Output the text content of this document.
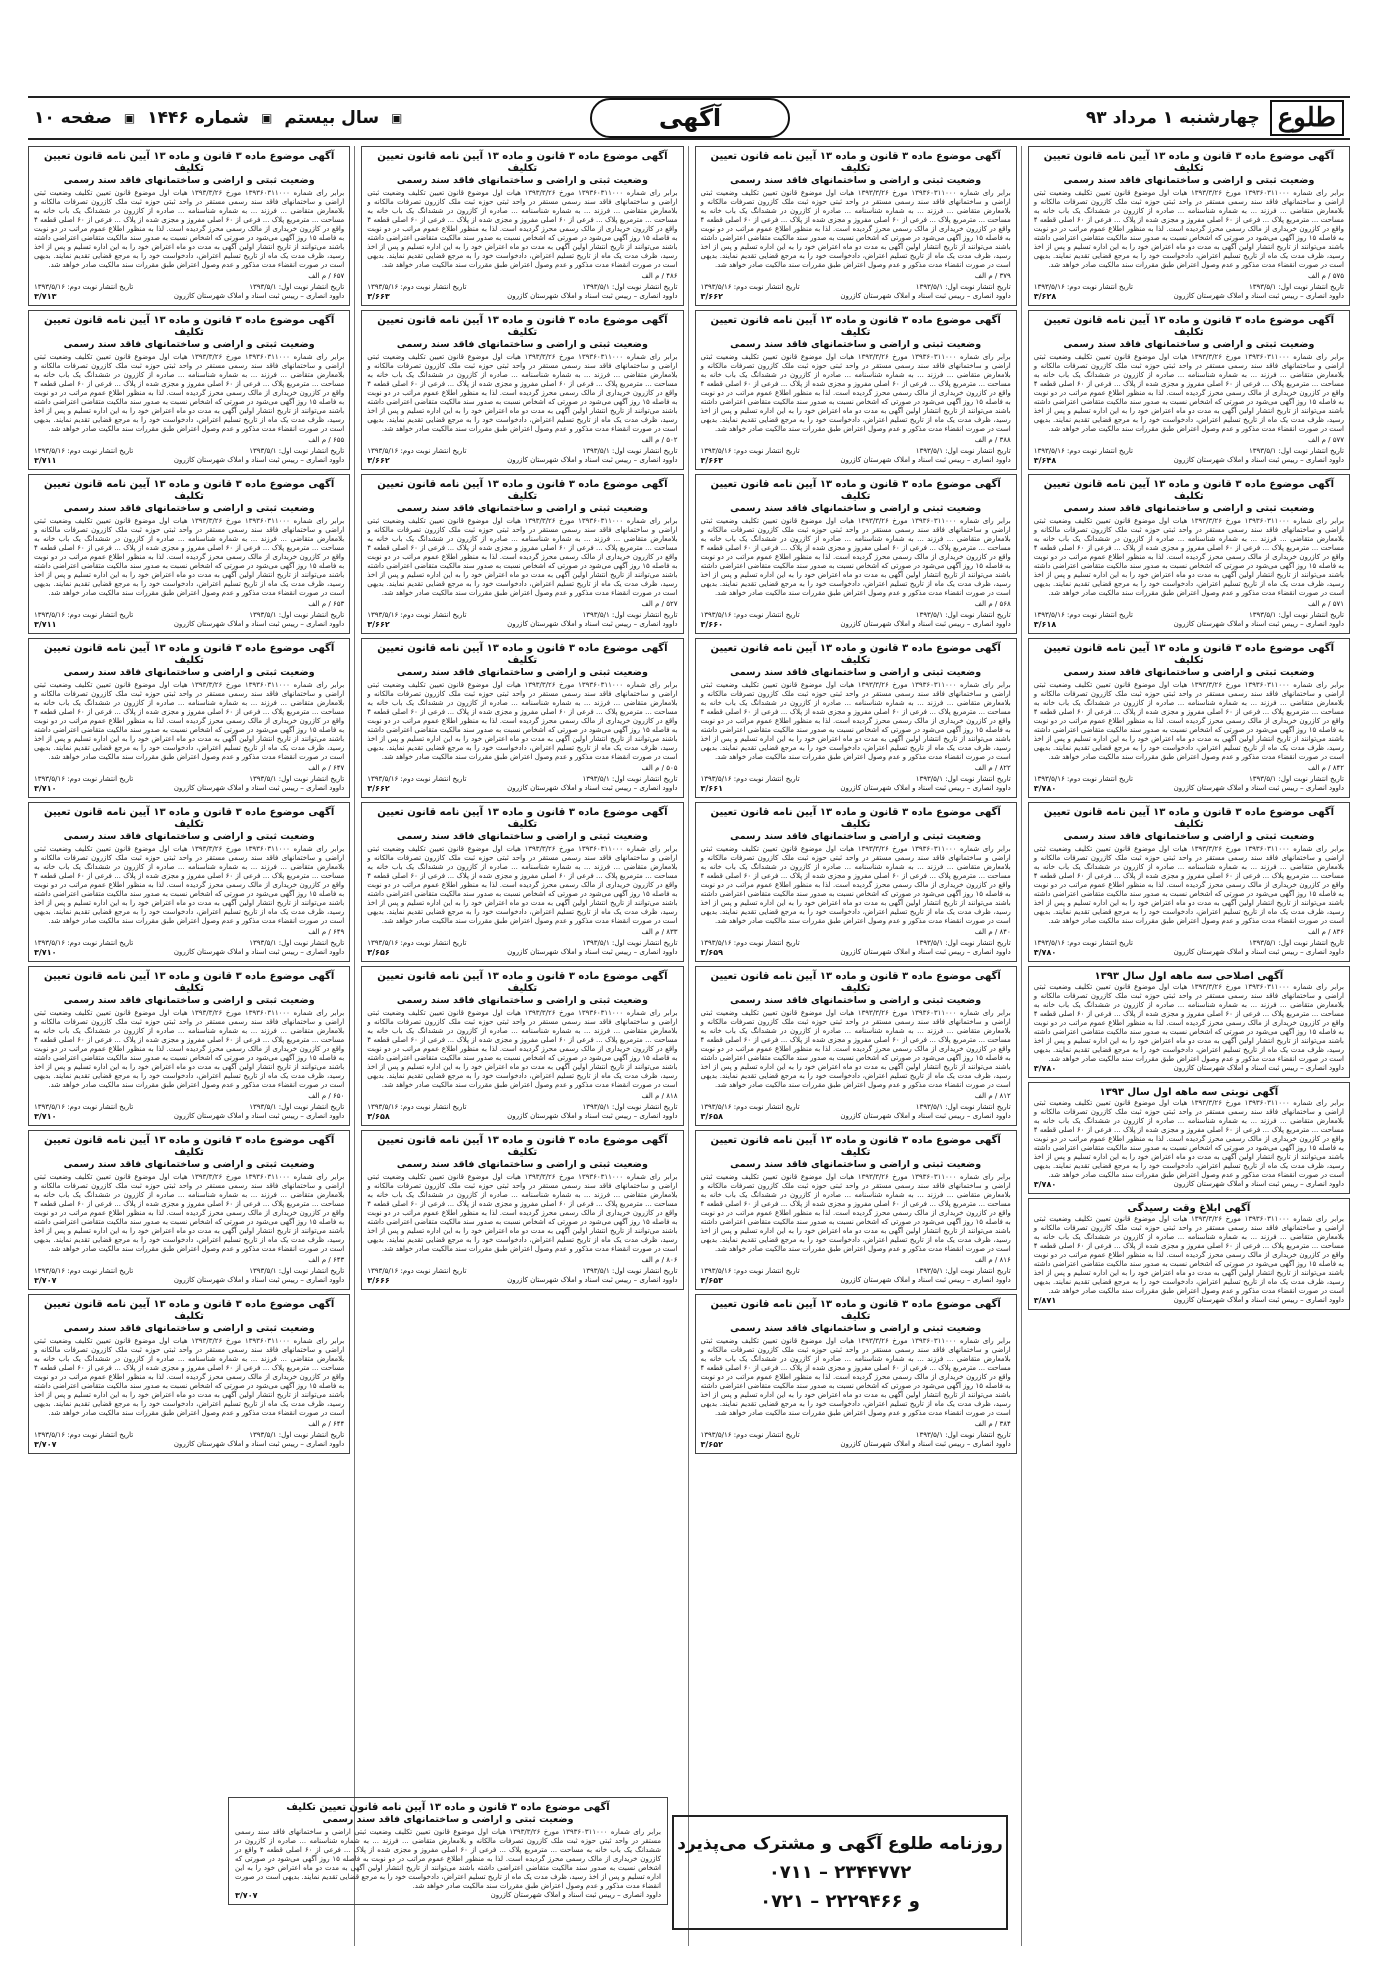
طلوع
چهارشنبه ۱ مرداد ۹۳
▣
سال بیستم
▣
شماره ۱۴۴۶
▣
صفحه ۱۰	آگهی
آگهی موضوع ماده ۳ قانون و ماده ۱۳ آیین نامه قانون تعیین تکلیف
وضعیت ثبتی و اراضی و ساختمانهای فاقد سند رسمی
برابر رای شماره ۱۳۹۳۶۰۳۱۱۰۰۰ مورخ ۱۳۹۳/۳/۲۶ هیات اول موضوع قانون تعیین تکلیف وضعیت ثبتی اراضی و ساختمانهای فاقد سند رسمی مستقر در واحد ثبتی حوزه ثبت ملک کازرون تصرفات مالکانه و بلامعارض متقاضی ... فرزند ... به شماره شناسنامه ... صادره از کازرون در ششدانگ یک باب خانه به مساحت ... مترمربع پلاک ... فرعی از ۶۰ اصلی مفروز و مجزی شده از پلاک ... فرعی از ۶۰ اصلی قطعه ۴ واقع در کازرون خریداری از مالک رسمی محرز گردیده است. لذا به منظور اطلاع عموم مراتب در دو نوبت به فاصله ۱۵ روز آگهی می‌شود در صورتی که اشخاص نسبت به صدور سند مالکیت متقاضی اعتراضی داشته باشند می‌توانند از تاریخ انتشار اولین آگهی به مدت دو ماه اعتراض خود را به این اداره تسلیم و پس از اخذ رسید، ظرف مدت یک ماه از تاریخ تسلیم اعتراض، دادخواست خود را به مرجع قضایی تقدیم نمایند. بدیهی است در صورت انقضاء مدت مذکور و عدم وصول اعتراض طبق مقررات سند مالکیت صادر خواهد شد.
۵۷۵ / م الف
تاریخ انتشار نوبت اول: ۱۳۹۳/۵/۱
تاریخ انتشار نوبت دوم: ۱۳۹۳/۵/۱۶
داوود انصاری – رییس ثبت اسناد و املاک شهرستان کازرون
۳/۶۲۸
آگهی موضوع ماده ۳ قانون و ماده ۱۳ آیین نامه قانون تعیین تکلیف
وضعیت ثبتی و اراضی و ساختمانهای فاقد سند رسمی
برابر رای شماره ۱۳۹۳۶۰۳۱۱۰۰۰ مورخ ۱۳۹۳/۳/۲۶ هیات اول موضوع قانون تعیین تکلیف وضعیت ثبتی اراضی و ساختمانهای فاقد سند رسمی مستقر در واحد ثبتی حوزه ثبت ملک کازرون تصرفات مالکانه و بلامعارض متقاضی ... فرزند ... به شماره شناسنامه ... صادره از کازرون در ششدانگ یک باب خانه به مساحت ... مترمربع پلاک ... فرعی از ۶۰ اصلی مفروز و مجزی شده از پلاک ... فرعی از ۶۰ اصلی قطعه ۴ واقع در کازرون خریداری از مالک رسمی محرز گردیده است. لذا به منظور اطلاع عموم مراتب در دو نوبت به فاصله ۱۵ روز آگهی می‌شود در صورتی که اشخاص نسبت به صدور سند مالکیت متقاضی اعتراضی داشته باشند می‌توانند از تاریخ انتشار اولین آگهی به مدت دو ماه اعتراض خود را به این اداره تسلیم و پس از اخذ رسید، ظرف مدت یک ماه از تاریخ تسلیم اعتراض، دادخواست خود را به مرجع قضایی تقدیم نمایند. بدیهی است در صورت انقضاء مدت مذکور و عدم وصول اعتراض طبق مقررات سند مالکیت صادر خواهد شد.
۵۷۷ / م الف
تاریخ انتشار نوبت اول: ۱۳۹۳/۵/۱
تاریخ انتشار نوبت دوم: ۱۳۹۳/۵/۱۶
داوود انصاری – رییس ثبت اسناد و املاک شهرستان کازرون
۳/۶۴۸
آگهی موضوع ماده ۳ قانون و ماده ۱۳ آیین نامه قانون تعیین تکلیف
وضعیت ثبتی و اراضی و ساختمانهای فاقد سند رسمی
برابر رای شماره ۱۳۹۳۶۰۳۱۱۰۰۰ مورخ ۱۳۹۳/۳/۲۶ هیات اول موضوع قانون تعیین تکلیف وضعیت ثبتی اراضی و ساختمانهای فاقد سند رسمی مستقر در واحد ثبتی حوزه ثبت ملک کازرون تصرفات مالکانه و بلامعارض متقاضی ... فرزند ... به شماره شناسنامه ... صادره از کازرون در ششدانگ یک باب خانه به مساحت ... مترمربع پلاک ... فرعی از ۶۰ اصلی مفروز و مجزی شده از پلاک ... فرعی از ۶۰ اصلی قطعه ۴ واقع در کازرون خریداری از مالک رسمی محرز گردیده است. لذا به منظور اطلاع عموم مراتب در دو نوبت به فاصله ۱۵ روز آگهی می‌شود در صورتی که اشخاص نسبت به صدور سند مالکیت متقاضی اعتراضی داشته باشند می‌توانند از تاریخ انتشار اولین آگهی به مدت دو ماه اعتراض خود را به این اداره تسلیم و پس از اخذ رسید، ظرف مدت یک ماه از تاریخ تسلیم اعتراض، دادخواست خود را به مرجع قضایی تقدیم نمایند. بدیهی است در صورت انقضاء مدت مذکور و عدم وصول اعتراض طبق مقررات سند مالکیت صادر خواهد شد.
۵۷۱ / م الف
تاریخ انتشار نوبت اول: ۱۳۹۳/۵/۱
تاریخ انتشار نوبت دوم: ۱۳۹۳/۵/۱۶
داوود انصاری – رییس ثبت اسناد و املاک شهرستان کازرون
۳/۶۱۸
آگهی موضوع ماده ۳ قانون و ماده ۱۳ آیین نامه قانون تعیین تکلیف
وضعیت ثبتی و اراضی و ساختمانهای فاقد سند رسمی
برابر رای شماره ۱۳۹۳۶۰۳۱۱۰۰۰ مورخ ۱۳۹۳/۳/۲۶ هیات اول موضوع قانون تعیین تکلیف وضعیت ثبتی اراضی و ساختمانهای فاقد سند رسمی مستقر در واحد ثبتی حوزه ثبت ملک کازرون تصرفات مالکانه و بلامعارض متقاضی ... فرزند ... به شماره شناسنامه ... صادره از کازرون در ششدانگ یک باب خانه به مساحت ... مترمربع پلاک ... فرعی از ۶۰ اصلی مفروز و مجزی شده از پلاک ... فرعی از ۶۰ اصلی قطعه ۴ واقع در کازرون خریداری از مالک رسمی محرز گردیده است. لذا به منظور اطلاع عموم مراتب در دو نوبت به فاصله ۱۵ روز آگهی می‌شود در صورتی که اشخاص نسبت به صدور سند مالکیت متقاضی اعتراضی داشته باشند می‌توانند از تاریخ انتشار اولین آگهی به مدت دو ماه اعتراض خود را به این اداره تسلیم و پس از اخذ رسید، ظرف مدت یک ماه از تاریخ تسلیم اعتراض، دادخواست خود را به مرجع قضایی تقدیم نمایند. بدیهی است در صورت انقضاء مدت مذکور و عدم وصول اعتراض طبق مقررات سند مالکیت صادر خواهد شد.
۸۴۲ / م الف
تاریخ انتشار نوبت اول: ۱۳۹۳/۵/۱
تاریخ انتشار نوبت دوم: ۱۳۹۳/۵/۱۶
داوود انصاری – رییس ثبت اسناد و املاک شهرستان کازرون
۳/۷۸۰
آگهی موضوع ماده ۳ قانون و ماده ۱۳ آیین نامه قانون تعیین تکلیف
وضعیت ثبتی و اراضی و ساختمانهای فاقد سند رسمی
برابر رای شماره ۱۳۹۳۶۰۳۱۱۰۰۰ مورخ ۱۳۹۳/۳/۲۶ هیات اول موضوع قانون تعیین تکلیف وضعیت ثبتی اراضی و ساختمانهای فاقد سند رسمی مستقر در واحد ثبتی حوزه ثبت ملک کازرون تصرفات مالکانه و بلامعارض متقاضی ... فرزند ... به شماره شناسنامه ... صادره از کازرون در ششدانگ یک باب خانه به مساحت ... مترمربع پلاک ... فرعی از ۶۰ اصلی مفروز و مجزی شده از پلاک ... فرعی از ۶۰ اصلی قطعه ۴ واقع در کازرون خریداری از مالک رسمی محرز گردیده است. لذا به منظور اطلاع عموم مراتب در دو نوبت به فاصله ۱۵ روز آگهی می‌شود در صورتی که اشخاص نسبت به صدور سند مالکیت متقاضی اعتراضی داشته باشند می‌توانند از تاریخ انتشار اولین آگهی به مدت دو ماه اعتراض خود را به این اداره تسلیم و پس از اخذ رسید، ظرف مدت یک ماه از تاریخ تسلیم اعتراض، دادخواست خود را به مرجع قضایی تقدیم نمایند. بدیهی است در صورت انقضاء مدت مذکور و عدم وصول اعتراض طبق مقررات سند مالکیت صادر خواهد شد.
۸۳۶ / م الف
تاریخ انتشار نوبت اول: ۱۳۹۳/۵/۱
تاریخ انتشار نوبت دوم: ۱۳۹۳/۵/۱۶
داوود انصاری – رییس ثبت اسناد و املاک شهرستان کازرون
۳/۷۸۰
آگهی اصلاحی سه ماهه اول سال ۱۳۹۳
برابر رای شماره ۱۳۹۳۶۰۳۱۱۰۰۰ مورخ ۱۳۹۳/۳/۲۶ هیات اول موضوع قانون تعیین تکلیف وضعیت ثبتی اراضی و ساختمانهای فاقد سند رسمی مستقر در واحد ثبتی حوزه ثبت ملک کازرون تصرفات مالکانه و بلامعارض متقاضی ... فرزند ... به شماره شناسنامه ... صادره از کازرون در ششدانگ یک باب خانه به مساحت ... مترمربع پلاک ... فرعی از ۶۰ اصلی مفروز و مجزی شده از پلاک ... فرعی از ۶۰ اصلی قطعه ۴ واقع در کازرون خریداری از مالک رسمی محرز گردیده است. لذا به منظور اطلاع عموم مراتب در دو نوبت به فاصله ۱۵ روز آگهی می‌شود در صورتی که اشخاص نسبت به صدور سند مالکیت متقاضی اعتراضی داشته باشند می‌توانند از تاریخ انتشار اولین آگهی به مدت دو ماه اعتراض خود را به این اداره تسلیم و پس از اخذ رسید، ظرف مدت یک ماه از تاریخ تسلیم اعتراض، دادخواست خود را به مرجع قضایی تقدیم نمایند. بدیهی است در صورت انقضاء مدت مذکور و عدم وصول اعتراض طبق مقررات سند مالکیت صادر خواهد شد.
داوود انصاری – رییس ثبت اسناد و املاک شهرستان کازرون
۳/۷۸۰
آگهی نوبتی سه ماهه اول سال ۱۳۹۳
برابر رای شماره ۱۳۹۳۶۰۳۱۱۰۰۰ مورخ ۱۳۹۳/۳/۲۶ هیات اول موضوع قانون تعیین تکلیف وضعیت ثبتی اراضی و ساختمانهای فاقد سند رسمی مستقر در واحد ثبتی حوزه ثبت ملک کازرون تصرفات مالکانه و بلامعارض متقاضی ... فرزند ... به شماره شناسنامه ... صادره از کازرون در ششدانگ یک باب خانه به مساحت ... مترمربع پلاک ... فرعی از ۶۰ اصلی مفروز و مجزی شده از پلاک ... فرعی از ۶۰ اصلی قطعه ۴ واقع در کازرون خریداری از مالک رسمی محرز گردیده است. لذا به منظور اطلاع عموم مراتب در دو نوبت به فاصله ۱۵ روز آگهی می‌شود در صورتی که اشخاص نسبت به صدور سند مالکیت متقاضی اعتراضی داشته باشند می‌توانند از تاریخ انتشار اولین آگهی به مدت دو ماه اعتراض خود را به این اداره تسلیم و پس از اخذ رسید، ظرف مدت یک ماه از تاریخ تسلیم اعتراض، دادخواست خود را به مرجع قضایی تقدیم نمایند. بدیهی است در صورت انقضاء مدت مذکور و عدم وصول اعتراض طبق مقررات سند مالکیت صادر خواهد شد.
داوود انصاری – رییس ثبت اسناد و املاک شهرستان کازرون
۳/۷۸۰
آگهی ابلاغ وقت رسیدگی
برابر رای شماره ۱۳۹۳۶۰۳۱۱۰۰۰ مورخ ۱۳۹۳/۳/۲۶ هیات اول موضوع قانون تعیین تکلیف وضعیت ثبتی اراضی و ساختمانهای فاقد سند رسمی مستقر در واحد ثبتی حوزه ثبت ملک کازرون تصرفات مالکانه و بلامعارض متقاضی ... فرزند ... به شماره شناسنامه ... صادره از کازرون در ششدانگ یک باب خانه به مساحت ... مترمربع پلاک ... فرعی از ۶۰ اصلی مفروز و مجزی شده از پلاک ... فرعی از ۶۰ اصلی قطعه ۴ واقع در کازرون خریداری از مالک رسمی محرز گردیده است. لذا به منظور اطلاع عموم مراتب در دو نوبت به فاصله ۱۵ روز آگهی می‌شود در صورتی که اشخاص نسبت به صدور سند مالکیت متقاضی اعتراضی داشته باشند می‌توانند از تاریخ انتشار اولین آگهی به مدت دو ماه اعتراض خود را به این اداره تسلیم و پس از اخذ رسید، ظرف مدت یک ماه از تاریخ تسلیم اعتراض، دادخواست خود را به مرجع قضایی تقدیم نمایند. بدیهی است در صورت انقضاء مدت مذکور و عدم وصول اعتراض طبق مقررات سند مالکیت صادر خواهد شد.
داوود انصاری – رییس ثبت اسناد و املاک شهرستان کازرون
۳/۸۷۱
آگهی موضوع ماده ۳ قانون و ماده ۱۳ آیین نامه قانون تعیین تکلیف
وضعیت ثبتی و اراضی و ساختمانهای فاقد سند رسمی
برابر رای شماره ۱۳۹۳۶۰۳۱۱۰۰۰ مورخ ۱۳۹۳/۳/۲۶ هیات اول موضوع قانون تعیین تکلیف وضعیت ثبتی اراضی و ساختمانهای فاقد سند رسمی مستقر در واحد ثبتی حوزه ثبت ملک کازرون تصرفات مالکانه و بلامعارض متقاضی ... فرزند ... به شماره شناسنامه ... صادره از کازرون در ششدانگ یک باب خانه به مساحت ... مترمربع پلاک ... فرعی از ۶۰ اصلی مفروز و مجزی شده از پلاک ... فرعی از ۶۰ اصلی قطعه ۴ واقع در کازرون خریداری از مالک رسمی محرز گردیده است. لذا به منظور اطلاع عموم مراتب در دو نوبت به فاصله ۱۵ روز آگهی می‌شود در صورتی که اشخاص نسبت به صدور سند مالکیت متقاضی اعتراضی داشته باشند می‌توانند از تاریخ انتشار اولین آگهی به مدت دو ماه اعتراض خود را به این اداره تسلیم و پس از اخذ رسید، ظرف مدت یک ماه از تاریخ تسلیم اعتراض، دادخواست خود را به مرجع قضایی تقدیم نمایند. بدیهی است در صورت انقضاء مدت مذکور و عدم وصول اعتراض طبق مقررات سند مالکیت صادر خواهد شد.
۳۷۹ / م الف
تاریخ انتشار نوبت اول: ۱۳۹۳/۵/۱
تاریخ انتشار نوبت دوم: ۱۳۹۳/۵/۱۶
داوود انصاری – رییس ثبت اسناد و املاک شهرستان کازرون
۳/۶۶۲
آگهی موضوع ماده ۳ قانون و ماده ۱۳ آیین نامه قانون تعیین تکلیف
وضعیت ثبتی و اراضی و ساختمانهای فاقد سند رسمی
برابر رای شماره ۱۳۹۳۶۰۳۱۱۰۰۰ مورخ ۱۳۹۳/۳/۲۶ هیات اول موضوع قانون تعیین تکلیف وضعیت ثبتی اراضی و ساختمانهای فاقد سند رسمی مستقر در واحد ثبتی حوزه ثبت ملک کازرون تصرفات مالکانه و بلامعارض متقاضی ... فرزند ... به شماره شناسنامه ... صادره از کازرون در ششدانگ یک باب خانه به مساحت ... مترمربع پلاک ... فرعی از ۶۰ اصلی مفروز و مجزی شده از پلاک ... فرعی از ۶۰ اصلی قطعه ۴ واقع در کازرون خریداری از مالک رسمی محرز گردیده است. لذا به منظور اطلاع عموم مراتب در دو نوبت به فاصله ۱۵ روز آگهی می‌شود در صورتی که اشخاص نسبت به صدور سند مالکیت متقاضی اعتراضی داشته باشند می‌توانند از تاریخ انتشار اولین آگهی به مدت دو ماه اعتراض خود را به این اداره تسلیم و پس از اخذ رسید، ظرف مدت یک ماه از تاریخ تسلیم اعتراض، دادخواست خود را به مرجع قضایی تقدیم نمایند. بدیهی است در صورت انقضاء مدت مذکور و عدم وصول اعتراض طبق مقررات سند مالکیت صادر خواهد شد.
۳۸۸ / م الف
تاریخ انتشار نوبت اول: ۱۳۹۳/۵/۱
تاریخ انتشار نوبت دوم: ۱۳۹۳/۵/۱۶
داوود انصاری – رییس ثبت اسناد و املاک شهرستان کازرون
۳/۶۶۳
آگهی موضوع ماده ۳ قانون و ماده ۱۳ آیین نامه قانون تعیین تکلیف
وضعیت ثبتی و اراضی و ساختمانهای فاقد سند رسمی
برابر رای شماره ۱۳۹۳۶۰۳۱۱۰۰۰ مورخ ۱۳۹۳/۳/۲۶ هیات اول موضوع قانون تعیین تکلیف وضعیت ثبتی اراضی و ساختمانهای فاقد سند رسمی مستقر در واحد ثبتی حوزه ثبت ملک کازرون تصرفات مالکانه و بلامعارض متقاضی ... فرزند ... به شماره شناسنامه ... صادره از کازرون در ششدانگ یک باب خانه به مساحت ... مترمربع پلاک ... فرعی از ۶۰ اصلی مفروز و مجزی شده از پلاک ... فرعی از ۶۰ اصلی قطعه ۴ واقع در کازرون خریداری از مالک رسمی محرز گردیده است. لذا به منظور اطلاع عموم مراتب در دو نوبت به فاصله ۱۵ روز آگهی می‌شود در صورتی که اشخاص نسبت به صدور سند مالکیت متقاضی اعتراضی داشته باشند می‌توانند از تاریخ انتشار اولین آگهی به مدت دو ماه اعتراض خود را به این اداره تسلیم و پس از اخذ رسید، ظرف مدت یک ماه از تاریخ تسلیم اعتراض، دادخواست خود را به مرجع قضایی تقدیم نمایند. بدیهی است در صورت انقضاء مدت مذکور و عدم وصول اعتراض طبق مقررات سند مالکیت صادر خواهد شد.
۵۶۸ / م الف
تاریخ انتشار نوبت اول: ۱۳۹۳/۵/۱
تاریخ انتشار نوبت دوم: ۱۳۹۳/۵/۱۶
داوود انصاری – رییس ثبت اسناد و املاک شهرستان کازرون
۳/۶۶۰
آگهی موضوع ماده ۳ قانون و ماده ۱۳ آیین نامه قانون تعیین تکلیف
وضعیت ثبتی و اراضی و ساختمانهای فاقد سند رسمی
برابر رای شماره ۱۳۹۳۶۰۳۱۱۰۰۰ مورخ ۱۳۹۳/۳/۲۶ هیات اول موضوع قانون تعیین تکلیف وضعیت ثبتی اراضی و ساختمانهای فاقد سند رسمی مستقر در واحد ثبتی حوزه ثبت ملک کازرون تصرفات مالکانه و بلامعارض متقاضی ... فرزند ... به شماره شناسنامه ... صادره از کازرون در ششدانگ یک باب خانه به مساحت ... مترمربع پلاک ... فرعی از ۶۰ اصلی مفروز و مجزی شده از پلاک ... فرعی از ۶۰ اصلی قطعه ۴ واقع در کازرون خریداری از مالک رسمی محرز گردیده است. لذا به منظور اطلاع عموم مراتب در دو نوبت به فاصله ۱۵ روز آگهی می‌شود در صورتی که اشخاص نسبت به صدور سند مالکیت متقاضی اعتراضی داشته باشند می‌توانند از تاریخ انتشار اولین آگهی به مدت دو ماه اعتراض خود را به این اداره تسلیم و پس از اخذ رسید، ظرف مدت یک ماه از تاریخ تسلیم اعتراض، دادخواست خود را به مرجع قضایی تقدیم نمایند. بدیهی است در صورت انقضاء مدت مذکور و عدم وصول اعتراض طبق مقررات سند مالکیت صادر خواهد شد.
۸۲۲ / م الف
تاریخ انتشار نوبت اول: ۱۳۹۳/۵/۱
تاریخ انتشار نوبت دوم: ۱۳۹۳/۵/۱۶
داوود انصاری – رییس ثبت اسناد و املاک شهرستان کازرون
۳/۶۶۱
آگهی موضوع ماده ۳ قانون و ماده ۱۳ آیین نامه قانون تعیین تکلیف
وضعیت ثبتی و اراضی و ساختمانهای فاقد سند رسمی
برابر رای شماره ۱۳۹۳۶۰۳۱۱۰۰۰ مورخ ۱۳۹۳/۳/۲۶ هیات اول موضوع قانون تعیین تکلیف وضعیت ثبتی اراضی و ساختمانهای فاقد سند رسمی مستقر در واحد ثبتی حوزه ثبت ملک کازرون تصرفات مالکانه و بلامعارض متقاضی ... فرزند ... به شماره شناسنامه ... صادره از کازرون در ششدانگ یک باب خانه به مساحت ... مترمربع پلاک ... فرعی از ۶۰ اصلی مفروز و مجزی شده از پلاک ... فرعی از ۶۰ اصلی قطعه ۴ واقع در کازرون خریداری از مالک رسمی محرز گردیده است. لذا به منظور اطلاع عموم مراتب در دو نوبت به فاصله ۱۵ روز آگهی می‌شود در صورتی که اشخاص نسبت به صدور سند مالکیت متقاضی اعتراضی داشته باشند می‌توانند از تاریخ انتشار اولین آگهی به مدت دو ماه اعتراض خود را به این اداره تسلیم و پس از اخذ رسید، ظرف مدت یک ماه از تاریخ تسلیم اعتراض، دادخواست خود را به مرجع قضایی تقدیم نمایند. بدیهی است در صورت انقضاء مدت مذکور و عدم وصول اعتراض طبق مقررات سند مالکیت صادر خواهد شد.
۸۴۰ / م الف
تاریخ انتشار نوبت اول: ۱۳۹۳/۵/۱
تاریخ انتشار نوبت دوم: ۱۳۹۳/۵/۱۶
داوود انصاری – رییس ثبت اسناد و املاک شهرستان کازرون
۳/۶۵۹
آگهی موضوع ماده ۳ قانون و ماده ۱۳ آیین نامه قانون تعیین تکلیف
وضعیت ثبتی و اراضی و ساختمانهای فاقد سند رسمی
برابر رای شماره ۱۳۹۳۶۰۳۱۱۰۰۰ مورخ ۱۳۹۳/۳/۲۶ هیات اول موضوع قانون تعیین تکلیف وضعیت ثبتی اراضی و ساختمانهای فاقد سند رسمی مستقر در واحد ثبتی حوزه ثبت ملک کازرون تصرفات مالکانه و بلامعارض متقاضی ... فرزند ... به شماره شناسنامه ... صادره از کازرون در ششدانگ یک باب خانه به مساحت ... مترمربع پلاک ... فرعی از ۶۰ اصلی مفروز و مجزی شده از پلاک ... فرعی از ۶۰ اصلی قطعه ۴ واقع در کازرون خریداری از مالک رسمی محرز گردیده است. لذا به منظور اطلاع عموم مراتب در دو نوبت به فاصله ۱۵ روز آگهی می‌شود در صورتی که اشخاص نسبت به صدور سند مالکیت متقاضی اعتراضی داشته باشند می‌توانند از تاریخ انتشار اولین آگهی به مدت دو ماه اعتراض خود را به این اداره تسلیم و پس از اخذ رسید، ظرف مدت یک ماه از تاریخ تسلیم اعتراض، دادخواست خود را به مرجع قضایی تقدیم نمایند. بدیهی است در صورت انقضاء مدت مذکور و عدم وصول اعتراض طبق مقررات سند مالکیت صادر خواهد شد.
۸۱۲ / م الف
تاریخ انتشار نوبت اول: ۱۳۹۳/۵/۱
تاریخ انتشار نوبت دوم: ۱۳۹۳/۵/۱۶
داوود انصاری – رییس ثبت اسناد و املاک شهرستان کازرون
۳/۶۵۸
آگهی موضوع ماده ۳ قانون و ماده ۱۳ آیین نامه قانون تعیین تکلیف
وضعیت ثبتی و اراضی و ساختمانهای فاقد سند رسمی
برابر رای شماره ۱۳۹۳۶۰۳۱۱۰۰۰ مورخ ۱۳۹۳/۳/۲۶ هیات اول موضوع قانون تعیین تکلیف وضعیت ثبتی اراضی و ساختمانهای فاقد سند رسمی مستقر در واحد ثبتی حوزه ثبت ملک کازرون تصرفات مالکانه و بلامعارض متقاضی ... فرزند ... به شماره شناسنامه ... صادره از کازرون در ششدانگ یک باب خانه به مساحت ... مترمربع پلاک ... فرعی از ۶۰ اصلی مفروز و مجزی شده از پلاک ... فرعی از ۶۰ اصلی قطعه ۴ واقع در کازرون خریداری از مالک رسمی محرز گردیده است. لذا به منظور اطلاع عموم مراتب در دو نوبت به فاصله ۱۵ روز آگهی می‌شود در صورتی که اشخاص نسبت به صدور سند مالکیت متقاضی اعتراضی داشته باشند می‌توانند از تاریخ انتشار اولین آگهی به مدت دو ماه اعتراض خود را به این اداره تسلیم و پس از اخذ رسید، ظرف مدت یک ماه از تاریخ تسلیم اعتراض، دادخواست خود را به مرجع قضایی تقدیم نمایند. بدیهی است در صورت انقضاء مدت مذکور و عدم وصول اعتراض طبق مقررات سند مالکیت صادر خواهد شد.
۸۱۶ / م الف
تاریخ انتشار نوبت اول: ۱۳۹۳/۵/۱
تاریخ انتشار نوبت دوم: ۱۳۹۳/۵/۱۶
داوود انصاری – رییس ثبت اسناد و املاک شهرستان کازرون
۳/۶۵۳
آگهی موضوع ماده ۳ قانون و ماده ۱۳ آیین نامه قانون تعیین تکلیف
وضعیت ثبتی و اراضی و ساختمانهای فاقد سند رسمی
برابر رای شماره ۱۳۹۳۶۰۳۱۱۰۰۰ مورخ ۱۳۹۳/۳/۲۶ هیات اول موضوع قانون تعیین تکلیف وضعیت ثبتی اراضی و ساختمانهای فاقد سند رسمی مستقر در واحد ثبتی حوزه ثبت ملک کازرون تصرفات مالکانه و بلامعارض متقاضی ... فرزند ... به شماره شناسنامه ... صادره از کازرون در ششدانگ یک باب خانه به مساحت ... مترمربع پلاک ... فرعی از ۶۰ اصلی مفروز و مجزی شده از پلاک ... فرعی از ۶۰ اصلی قطعه ۴ واقع در کازرون خریداری از مالک رسمی محرز گردیده است. لذا به منظور اطلاع عموم مراتب در دو نوبت به فاصله ۱۵ روز آگهی می‌شود در صورتی که اشخاص نسبت به صدور سند مالکیت متقاضی اعتراضی داشته باشند می‌توانند از تاریخ انتشار اولین آگهی به مدت دو ماه اعتراض خود را به این اداره تسلیم و پس از اخذ رسید، ظرف مدت یک ماه از تاریخ تسلیم اعتراض، دادخواست خود را به مرجع قضایی تقدیم نمایند. بدیهی است در صورت انقضاء مدت مذکور و عدم وصول اعتراض طبق مقررات سند مالکیت صادر خواهد شد.
۳۸۴ / م الف
تاریخ انتشار نوبت اول: ۱۳۹۳/۵/۱
تاریخ انتشار نوبت دوم: ۱۳۹۳/۵/۱۶
داوود انصاری – رییس ثبت اسناد و املاک شهرستان کازرون
۳/۶۵۲
آگهی موضوع ماده ۳ قانون و ماده ۱۳ آیین نامه قانون تعیین تکلیف
وضعیت ثبتی و اراضی و ساختمانهای فاقد سند رسمی
برابر رای شماره ۱۳۹۳۶۰۳۱۱۰۰۰ مورخ ۱۳۹۳/۳/۲۶ هیات اول موضوع قانون تعیین تکلیف وضعیت ثبتی اراضی و ساختمانهای فاقد سند رسمی مستقر در واحد ثبتی حوزه ثبت ملک کازرون تصرفات مالکانه و بلامعارض متقاضی ... فرزند ... به شماره شناسنامه ... صادره از کازرون در ششدانگ یک باب خانه به مساحت ... مترمربع پلاک ... فرعی از ۶۰ اصلی مفروز و مجزی شده از پلاک ... فرعی از ۶۰ اصلی قطعه ۴ واقع در کازرون خریداری از مالک رسمی محرز گردیده است. لذا به منظور اطلاع عموم مراتب در دو نوبت به فاصله ۱۵ روز آگهی می‌شود در صورتی که اشخاص نسبت به صدور سند مالکیت متقاضی اعتراضی داشته باشند می‌توانند از تاریخ انتشار اولین آگهی به مدت دو ماه اعتراض خود را به این اداره تسلیم و پس از اخذ رسید، ظرف مدت یک ماه از تاریخ تسلیم اعتراض، دادخواست خود را به مرجع قضایی تقدیم نمایند. بدیهی است در صورت انقضاء مدت مذکور و عدم وصول اعتراض طبق مقررات سند مالکیت صادر خواهد شد.
۴۸۶ / م الف
تاریخ انتشار نوبت اول: ۱۳۹۳/۵/۱
تاریخ انتشار نوبت دوم: ۱۳۹۳/۵/۱۶
داوود انصاری – رییس ثبت اسناد و املاک شهرستان کازرون
۳/۶۶۳
آگهی موضوع ماده ۳ قانون و ماده ۱۳ آیین نامه قانون تعیین تکلیف
وضعیت ثبتی و اراضی و ساختمانهای فاقد سند رسمی
برابر رای شماره ۱۳۹۳۶۰۳۱۱۰۰۰ مورخ ۱۳۹۳/۳/۲۶ هیات اول موضوع قانون تعیین تکلیف وضعیت ثبتی اراضی و ساختمانهای فاقد سند رسمی مستقر در واحد ثبتی حوزه ثبت ملک کازرون تصرفات مالکانه و بلامعارض متقاضی ... فرزند ... به شماره شناسنامه ... صادره از کازرون در ششدانگ یک باب خانه به مساحت ... مترمربع پلاک ... فرعی از ۶۰ اصلی مفروز و مجزی شده از پلاک ... فرعی از ۶۰ اصلی قطعه ۴ واقع در کازرون خریداری از مالک رسمی محرز گردیده است. لذا به منظور اطلاع عموم مراتب در دو نوبت به فاصله ۱۵ روز آگهی می‌شود در صورتی که اشخاص نسبت به صدور سند مالکیت متقاضی اعتراضی داشته باشند می‌توانند از تاریخ انتشار اولین آگهی به مدت دو ماه اعتراض خود را به این اداره تسلیم و پس از اخذ رسید، ظرف مدت یک ماه از تاریخ تسلیم اعتراض، دادخواست خود را به مرجع قضایی تقدیم نمایند. بدیهی است در صورت انقضاء مدت مذکور و عدم وصول اعتراض طبق مقررات سند مالکیت صادر خواهد شد.
۵۰۲ / م الف
تاریخ انتشار نوبت اول: ۱۳۹۳/۵/۱
تاریخ انتشار نوبت دوم: ۱۳۹۳/۵/۱۶
داوود انصاری – رییس ثبت اسناد و املاک شهرستان کازرون
۳/۶۶۲
آگهی موضوع ماده ۳ قانون و ماده ۱۳ آیین نامه قانون تعیین تکلیف
وضعیت ثبتی و اراضی و ساختمانهای فاقد سند رسمی
برابر رای شماره ۱۳۹۳۶۰۳۱۱۰۰۰ مورخ ۱۳۹۳/۳/۲۶ هیات اول موضوع قانون تعیین تکلیف وضعیت ثبتی اراضی و ساختمانهای فاقد سند رسمی مستقر در واحد ثبتی حوزه ثبت ملک کازرون تصرفات مالکانه و بلامعارض متقاضی ... فرزند ... به شماره شناسنامه ... صادره از کازرون در ششدانگ یک باب خانه به مساحت ... مترمربع پلاک ... فرعی از ۶۰ اصلی مفروز و مجزی شده از پلاک ... فرعی از ۶۰ اصلی قطعه ۴ واقع در کازرون خریداری از مالک رسمی محرز گردیده است. لذا به منظور اطلاع عموم مراتب در دو نوبت به فاصله ۱۵ روز آگهی می‌شود در صورتی که اشخاص نسبت به صدور سند مالکیت متقاضی اعتراضی داشته باشند می‌توانند از تاریخ انتشار اولین آگهی به مدت دو ماه اعتراض خود را به این اداره تسلیم و پس از اخذ رسید، ظرف مدت یک ماه از تاریخ تسلیم اعتراض، دادخواست خود را به مرجع قضایی تقدیم نمایند. بدیهی است در صورت انقضاء مدت مذکور و عدم وصول اعتراض طبق مقررات سند مالکیت صادر خواهد شد.
۵۲۷ / م الف
تاریخ انتشار نوبت اول: ۱۳۹۳/۵/۱
تاریخ انتشار نوبت دوم: ۱۳۹۳/۵/۱۶
داوود انصاری – رییس ثبت اسناد و املاک شهرستان کازرون
۳/۶۶۲
آگهی موضوع ماده ۳ قانون و ماده ۱۳ آیین نامه قانون تعیین تکلیف
وضعیت ثبتی و اراضی و ساختمانهای فاقد سند رسمی
برابر رای شماره ۱۳۹۳۶۰۳۱۱۰۰۰ مورخ ۱۳۹۳/۳/۲۶ هیات اول موضوع قانون تعیین تکلیف وضعیت ثبتی اراضی و ساختمانهای فاقد سند رسمی مستقر در واحد ثبتی حوزه ثبت ملک کازرون تصرفات مالکانه و بلامعارض متقاضی ... فرزند ... به شماره شناسنامه ... صادره از کازرون در ششدانگ یک باب خانه به مساحت ... مترمربع پلاک ... فرعی از ۶۰ اصلی مفروز و مجزی شده از پلاک ... فرعی از ۶۰ اصلی قطعه ۴ واقع در کازرون خریداری از مالک رسمی محرز گردیده است. لذا به منظور اطلاع عموم مراتب در دو نوبت به فاصله ۱۵ روز آگهی می‌شود در صورتی که اشخاص نسبت به صدور سند مالکیت متقاضی اعتراضی داشته باشند می‌توانند از تاریخ انتشار اولین آگهی به مدت دو ماه اعتراض خود را به این اداره تسلیم و پس از اخذ رسید، ظرف مدت یک ماه از تاریخ تسلیم اعتراض، دادخواست خود را به مرجع قضایی تقدیم نمایند. بدیهی است در صورت انقضاء مدت مذکور و عدم وصول اعتراض طبق مقررات سند مالکیت صادر خواهد شد.
۵۰۵ / م الف
تاریخ انتشار نوبت اول: ۱۳۹۳/۵/۱
تاریخ انتشار نوبت دوم: ۱۳۹۳/۵/۱۶
داوود انصاری – رییس ثبت اسناد و املاک شهرستان کازرون
۳/۶۶۲
آگهی موضوع ماده ۳ قانون و ماده ۱۳ آیین نامه قانون تعیین تکلیف
وضعیت ثبتی و اراضی و ساختمانهای فاقد سند رسمی
برابر رای شماره ۱۳۹۳۶۰۳۱۱۰۰۰ مورخ ۱۳۹۳/۳/۲۶ هیات اول موضوع قانون تعیین تکلیف وضعیت ثبتی اراضی و ساختمانهای فاقد سند رسمی مستقر در واحد ثبتی حوزه ثبت ملک کازرون تصرفات مالکانه و بلامعارض متقاضی ... فرزند ... به شماره شناسنامه ... صادره از کازرون در ششدانگ یک باب خانه به مساحت ... مترمربع پلاک ... فرعی از ۶۰ اصلی مفروز و مجزی شده از پلاک ... فرعی از ۶۰ اصلی قطعه ۴ واقع در کازرون خریداری از مالک رسمی محرز گردیده است. لذا به منظور اطلاع عموم مراتب در دو نوبت به فاصله ۱۵ روز آگهی می‌شود در صورتی که اشخاص نسبت به صدور سند مالکیت متقاضی اعتراضی داشته باشند می‌توانند از تاریخ انتشار اولین آگهی به مدت دو ماه اعتراض خود را به این اداره تسلیم و پس از اخذ رسید، ظرف مدت یک ماه از تاریخ تسلیم اعتراض، دادخواست خود را به مرجع قضایی تقدیم نمایند. بدیهی است در صورت انقضاء مدت مذکور و عدم وصول اعتراض طبق مقررات سند مالکیت صادر خواهد شد.
۸۳۳ / م الف
تاریخ انتشار نوبت اول: ۱۳۹۳/۵/۱
تاریخ انتشار نوبت دوم: ۱۳۹۳/۵/۱۶
داوود انصاری – رییس ثبت اسناد و املاک شهرستان کازرون
۳/۶۵۶
آگهی موضوع ماده ۳ قانون و ماده ۱۳ آیین نامه قانون تعیین تکلیف
وضعیت ثبتی و اراضی و ساختمانهای فاقد سند رسمی
برابر رای شماره ۱۳۹۳۶۰۳۱۱۰۰۰ مورخ ۱۳۹۳/۳/۲۶ هیات اول موضوع قانون تعیین تکلیف وضعیت ثبتی اراضی و ساختمانهای فاقد سند رسمی مستقر در واحد ثبتی حوزه ثبت ملک کازرون تصرفات مالکانه و بلامعارض متقاضی ... فرزند ... به شماره شناسنامه ... صادره از کازرون در ششدانگ یک باب خانه به مساحت ... مترمربع پلاک ... فرعی از ۶۰ اصلی مفروز و مجزی شده از پلاک ... فرعی از ۶۰ اصلی قطعه ۴ واقع در کازرون خریداری از مالک رسمی محرز گردیده است. لذا به منظور اطلاع عموم مراتب در دو نوبت به فاصله ۱۵ روز آگهی می‌شود در صورتی که اشخاص نسبت به صدور سند مالکیت متقاضی اعتراضی داشته باشند می‌توانند از تاریخ انتشار اولین آگهی به مدت دو ماه اعتراض خود را به این اداره تسلیم و پس از اخذ رسید، ظرف مدت یک ماه از تاریخ تسلیم اعتراض، دادخواست خود را به مرجع قضایی تقدیم نمایند. بدیهی است در صورت انقضاء مدت مذکور و عدم وصول اعتراض طبق مقررات سند مالکیت صادر خواهد شد.
۸۱۸ / م الف
تاریخ انتشار نوبت اول: ۱۳۹۳/۵/۱
تاریخ انتشار نوبت دوم: ۱۳۹۳/۵/۱۶
داوود انصاری – رییس ثبت اسناد و املاک شهرستان کازرون
۳/۶۵۸
آگهی موضوع ماده ۳ قانون و ماده ۱۳ آیین نامه قانون تعیین تکلیف
وضعیت ثبتی و اراضی و ساختمانهای فاقد سند رسمی
برابر رای شماره ۱۳۹۳۶۰۳۱۱۰۰۰ مورخ ۱۳۹۳/۳/۲۶ هیات اول موضوع قانون تعیین تکلیف وضعیت ثبتی اراضی و ساختمانهای فاقد سند رسمی مستقر در واحد ثبتی حوزه ثبت ملک کازرون تصرفات مالکانه و بلامعارض متقاضی ... فرزند ... به شماره شناسنامه ... صادره از کازرون در ششدانگ یک باب خانه به مساحت ... مترمربع پلاک ... فرعی از ۶۰ اصلی مفروز و مجزی شده از پلاک ... فرعی از ۶۰ اصلی قطعه ۴ واقع در کازرون خریداری از مالک رسمی محرز گردیده است. لذا به منظور اطلاع عموم مراتب در دو نوبت به فاصله ۱۵ روز آگهی می‌شود در صورتی که اشخاص نسبت به صدور سند مالکیت متقاضی اعتراضی داشته باشند می‌توانند از تاریخ انتشار اولین آگهی به مدت دو ماه اعتراض خود را به این اداره تسلیم و پس از اخذ رسید، ظرف مدت یک ماه از تاریخ تسلیم اعتراض، دادخواست خود را به مرجع قضایی تقدیم نمایند. بدیهی است در صورت انقضاء مدت مذکور و عدم وصول اعتراض طبق مقررات سند مالکیت صادر خواهد شد.
۸۰۶ / م الف
تاریخ انتشار نوبت اول: ۱۳۹۳/۵/۱
تاریخ انتشار نوبت دوم: ۱۳۹۳/۵/۱۶
داوود انصاری – رییس ثبت اسناد و املاک شهرستان کازرون
۳/۶۶۶
آگهی موضوع ماده ۳ قانون و ماده ۱۳ آیین نامه قانون تعیین تکلیف
وضعیت ثبتی و اراضی و ساختمانهای فاقد سند رسمی
برابر رای شماره ۱۳۹۳۶۰۳۱۱۰۰۰ مورخ ۱۳۹۳/۳/۲۶ هیات اول موضوع قانون تعیین تکلیف وضعیت ثبتی اراضی و ساختمانهای فاقد سند رسمی مستقر در واحد ثبتی حوزه ثبت ملک کازرون تصرفات مالکانه و بلامعارض متقاضی ... فرزند ... به شماره شناسنامه ... صادره از کازرون در ششدانگ یک باب خانه به مساحت ... مترمربع پلاک ... فرعی از ۶۰ اصلی مفروز و مجزی شده از پلاک ... فرعی از ۶۰ اصلی قطعه ۴ واقع در کازرون خریداری از مالک رسمی محرز گردیده است. لذا به منظور اطلاع عموم مراتب در دو نوبت به فاصله ۱۵ روز آگهی می‌شود در صورتی که اشخاص نسبت به صدور سند مالکیت متقاضی اعتراضی داشته باشند می‌توانند از تاریخ انتشار اولین آگهی به مدت دو ماه اعتراض خود را به این اداره تسلیم و پس از اخذ رسید، ظرف مدت یک ماه از تاریخ تسلیم اعتراض، دادخواست خود را به مرجع قضایی تقدیم نمایند. بدیهی است در صورت انقضاء مدت مذکور و عدم وصول اعتراض طبق مقررات سند مالکیت صادر خواهد شد.
۶۵۷ / م الف
تاریخ انتشار نوبت اول: ۱۳۹۳/۵/۱
تاریخ انتشار نوبت دوم: ۱۳۹۳/۵/۱۶
داوود انصاری – رییس ثبت اسناد و املاک شهرستان کازرون
۳/۷۱۳
آگهی موضوع ماده ۳ قانون و ماده ۱۳ آیین نامه قانون تعیین تکلیف
وضعیت ثبتی و اراضی و ساختمانهای فاقد سند رسمی
برابر رای شماره ۱۳۹۳۶۰۳۱۱۰۰۰ مورخ ۱۳۹۳/۳/۲۶ هیات اول موضوع قانون تعیین تکلیف وضعیت ثبتی اراضی و ساختمانهای فاقد سند رسمی مستقر در واحد ثبتی حوزه ثبت ملک کازرون تصرفات مالکانه و بلامعارض متقاضی ... فرزند ... به شماره شناسنامه ... صادره از کازرون در ششدانگ یک باب خانه به مساحت ... مترمربع پلاک ... فرعی از ۶۰ اصلی مفروز و مجزی شده از پلاک ... فرعی از ۶۰ اصلی قطعه ۴ واقع در کازرون خریداری از مالک رسمی محرز گردیده است. لذا به منظور اطلاع عموم مراتب در دو نوبت به فاصله ۱۵ روز آگهی می‌شود در صورتی که اشخاص نسبت به صدور سند مالکیت متقاضی اعتراضی داشته باشند می‌توانند از تاریخ انتشار اولین آگهی به مدت دو ماه اعتراض خود را به این اداره تسلیم و پس از اخذ رسید، ظرف مدت یک ماه از تاریخ تسلیم اعتراض، دادخواست خود را به مرجع قضایی تقدیم نمایند. بدیهی است در صورت انقضاء مدت مذکور و عدم وصول اعتراض طبق مقررات سند مالکیت صادر خواهد شد.
۶۵۵ / م الف
تاریخ انتشار نوبت اول: ۱۳۹۳/۵/۱
تاریخ انتشار نوبت دوم: ۱۳۹۳/۵/۱۶
داوود انصاری – رییس ثبت اسناد و املاک شهرستان کازرون
۳/۷۱۱
آگهی موضوع ماده ۳ قانون و ماده ۱۳ آیین نامه قانون تعیین تکلیف
وضعیت ثبتی و اراضی و ساختمانهای فاقد سند رسمی
برابر رای شماره ۱۳۹۳۶۰۳۱۱۰۰۰ مورخ ۱۳۹۳/۳/۲۶ هیات اول موضوع قانون تعیین تکلیف وضعیت ثبتی اراضی و ساختمانهای فاقد سند رسمی مستقر در واحد ثبتی حوزه ثبت ملک کازرون تصرفات مالکانه و بلامعارض متقاضی ... فرزند ... به شماره شناسنامه ... صادره از کازرون در ششدانگ یک باب خانه به مساحت ... مترمربع پلاک ... فرعی از ۶۰ اصلی مفروز و مجزی شده از پلاک ... فرعی از ۶۰ اصلی قطعه ۴ واقع در کازرون خریداری از مالک رسمی محرز گردیده است. لذا به منظور اطلاع عموم مراتب در دو نوبت به فاصله ۱۵ روز آگهی می‌شود در صورتی که اشخاص نسبت به صدور سند مالکیت متقاضی اعتراضی داشته باشند می‌توانند از تاریخ انتشار اولین آگهی به مدت دو ماه اعتراض خود را به این اداره تسلیم و پس از اخذ رسید، ظرف مدت یک ماه از تاریخ تسلیم اعتراض، دادخواست خود را به مرجع قضایی تقدیم نمایند. بدیهی است در صورت انقضاء مدت مذکور و عدم وصول اعتراض طبق مقررات سند مالکیت صادر خواهد شد.
۶۵۳ / م الف
تاریخ انتشار نوبت اول: ۱۳۹۳/۵/۱
تاریخ انتشار نوبت دوم: ۱۳۹۳/۵/۱۶
داوود انصاری – رییس ثبت اسناد و املاک شهرستان کازرون
۳/۷۱۱
آگهی موضوع ماده ۳ قانون و ماده ۱۳ آیین نامه قانون تعیین تکلیف
وضعیت ثبتی و اراضی و ساختمانهای فاقد سند رسمی
برابر رای شماره ۱۳۹۳۶۰۳۱۱۰۰۰ مورخ ۱۳۹۳/۳/۲۶ هیات اول موضوع قانون تعیین تکلیف وضعیت ثبتی اراضی و ساختمانهای فاقد سند رسمی مستقر در واحد ثبتی حوزه ثبت ملک کازرون تصرفات مالکانه و بلامعارض متقاضی ... فرزند ... به شماره شناسنامه ... صادره از کازرون در ششدانگ یک باب خانه به مساحت ... مترمربع پلاک ... فرعی از ۶۰ اصلی مفروز و مجزی شده از پلاک ... فرعی از ۶۰ اصلی قطعه ۴ واقع در کازرون خریداری از مالک رسمی محرز گردیده است. لذا به منظور اطلاع عموم مراتب در دو نوبت به فاصله ۱۵ روز آگهی می‌شود در صورتی که اشخاص نسبت به صدور سند مالکیت متقاضی اعتراضی داشته باشند می‌توانند از تاریخ انتشار اولین آگهی به مدت دو ماه اعتراض خود را به این اداره تسلیم و پس از اخذ رسید، ظرف مدت یک ماه از تاریخ تسلیم اعتراض، دادخواست خود را به مرجع قضایی تقدیم نمایند. بدیهی است در صورت انقضاء مدت مذکور و عدم وصول اعتراض طبق مقررات سند مالکیت صادر خواهد شد.
۶۴۷ / م الف
تاریخ انتشار نوبت اول: ۱۳۹۳/۵/۱
تاریخ انتشار نوبت دوم: ۱۳۹۳/۵/۱۶
داوود انصاری – رییس ثبت اسناد و املاک شهرستان کازرون
۳/۷۱۰
آگهی موضوع ماده ۳ قانون و ماده ۱۳ آیین نامه قانون تعیین تکلیف
وضعیت ثبتی و اراضی و ساختمانهای فاقد سند رسمی
برابر رای شماره ۱۳۹۳۶۰۳۱۱۰۰۰ مورخ ۱۳۹۳/۳/۲۶ هیات اول موضوع قانون تعیین تکلیف وضعیت ثبتی اراضی و ساختمانهای فاقد سند رسمی مستقر در واحد ثبتی حوزه ثبت ملک کازرون تصرفات مالکانه و بلامعارض متقاضی ... فرزند ... به شماره شناسنامه ... صادره از کازرون در ششدانگ یک باب خانه به مساحت ... مترمربع پلاک ... فرعی از ۶۰ اصلی مفروز و مجزی شده از پلاک ... فرعی از ۶۰ اصلی قطعه ۴ واقع در کازرون خریداری از مالک رسمی محرز گردیده است. لذا به منظور اطلاع عموم مراتب در دو نوبت به فاصله ۱۵ روز آگهی می‌شود در صورتی که اشخاص نسبت به صدور سند مالکیت متقاضی اعتراضی داشته باشند می‌توانند از تاریخ انتشار اولین آگهی به مدت دو ماه اعتراض خود را به این اداره تسلیم و پس از اخذ رسید، ظرف مدت یک ماه از تاریخ تسلیم اعتراض، دادخواست خود را به مرجع قضایی تقدیم نمایند. بدیهی است در صورت انقضاء مدت مذکور و عدم وصول اعتراض طبق مقررات سند مالکیت صادر خواهد شد.
۶۴۹ / م الف
تاریخ انتشار نوبت اول: ۱۳۹۳/۵/۱
تاریخ انتشار نوبت دوم: ۱۳۹۳/۵/۱۶
داوود انصاری – رییس ثبت اسناد و املاک شهرستان کازرون
۳/۷۱۰
آگهی موضوع ماده ۳ قانون و ماده ۱۳ آیین نامه قانون تعیین تکلیف
وضعیت ثبتی و اراضی و ساختمانهای فاقد سند رسمی
برابر رای شماره ۱۳۹۳۶۰۳۱۱۰۰۰ مورخ ۱۳۹۳/۳/۲۶ هیات اول موضوع قانون تعیین تکلیف وضعیت ثبتی اراضی و ساختمانهای فاقد سند رسمی مستقر در واحد ثبتی حوزه ثبت ملک کازرون تصرفات مالکانه و بلامعارض متقاضی ... فرزند ... به شماره شناسنامه ... صادره از کازرون در ششدانگ یک باب خانه به مساحت ... مترمربع پلاک ... فرعی از ۶۰ اصلی مفروز و مجزی شده از پلاک ... فرعی از ۶۰ اصلی قطعه ۴ واقع در کازرون خریداری از مالک رسمی محرز گردیده است. لذا به منظور اطلاع عموم مراتب در دو نوبت به فاصله ۱۵ روز آگهی می‌شود در صورتی که اشخاص نسبت به صدور سند مالکیت متقاضی اعتراضی داشته باشند می‌توانند از تاریخ انتشار اولین آگهی به مدت دو ماه اعتراض خود را به این اداره تسلیم و پس از اخذ رسید، ظرف مدت یک ماه از تاریخ تسلیم اعتراض، دادخواست خود را به مرجع قضایی تقدیم نمایند. بدیهی است در صورت انقضاء مدت مذکور و عدم وصول اعتراض طبق مقررات سند مالکیت صادر خواهد شد.
۶۵۰ / م الف
تاریخ انتشار نوبت اول: ۱۳۹۳/۵/۱
تاریخ انتشار نوبت دوم: ۱۳۹۳/۵/۱۶
داوود انصاری – رییس ثبت اسناد و املاک شهرستان کازرون
۳/۷۱۰
آگهی موضوع ماده ۳ قانون و ماده ۱۳ آیین نامه قانون تعیین تکلیف
وضعیت ثبتی و اراضی و ساختمانهای فاقد سند رسمی
برابر رای شماره ۱۳۹۳۶۰۳۱۱۰۰۰ مورخ ۱۳۹۳/۳/۲۶ هیات اول موضوع قانون تعیین تکلیف وضعیت ثبتی اراضی و ساختمانهای فاقد سند رسمی مستقر در واحد ثبتی حوزه ثبت ملک کازرون تصرفات مالکانه و بلامعارض متقاضی ... فرزند ... به شماره شناسنامه ... صادره از کازرون در ششدانگ یک باب خانه به مساحت ... مترمربع پلاک ... فرعی از ۶۰ اصلی مفروز و مجزی شده از پلاک ... فرعی از ۶۰ اصلی قطعه ۴ واقع در کازرون خریداری از مالک رسمی محرز گردیده است. لذا به منظور اطلاع عموم مراتب در دو نوبت به فاصله ۱۵ روز آگهی می‌شود در صورتی که اشخاص نسبت به صدور سند مالکیت متقاضی اعتراضی داشته باشند می‌توانند از تاریخ انتشار اولین آگهی به مدت دو ماه اعتراض خود را به این اداره تسلیم و پس از اخذ رسید، ظرف مدت یک ماه از تاریخ تسلیم اعتراض، دادخواست خود را به مرجع قضایی تقدیم نمایند. بدیهی است در صورت انقضاء مدت مذکور و عدم وصول اعتراض طبق مقررات سند مالکیت صادر خواهد شد.
۶۴۳ / م الف
تاریخ انتشار نوبت اول: ۱۳۹۳/۵/۱
تاریخ انتشار نوبت دوم: ۱۳۹۳/۵/۱۶
داوود انصاری – رییس ثبت اسناد و املاک شهرستان کازرون
۳/۷۰۷
آگهی موضوع ماده ۳ قانون و ماده ۱۳ آیین نامه قانون تعیین تکلیف
وضعیت ثبتی و اراضی و ساختمانهای فاقد سند رسمی
برابر رای شماره ۱۳۹۳۶۰۳۱۱۰۰۰ مورخ ۱۳۹۳/۳/۲۶ هیات اول موضوع قانون تعیین تکلیف وضعیت ثبتی اراضی و ساختمانهای فاقد سند رسمی مستقر در واحد ثبتی حوزه ثبت ملک کازرون تصرفات مالکانه و بلامعارض متقاضی ... فرزند ... به شماره شناسنامه ... صادره از کازرون در ششدانگ یک باب خانه به مساحت ... مترمربع پلاک ... فرعی از ۶۰ اصلی مفروز و مجزی شده از پلاک ... فرعی از ۶۰ اصلی قطعه ۴ واقع در کازرون خریداری از مالک رسمی محرز گردیده است. لذا به منظور اطلاع عموم مراتب در دو نوبت به فاصله ۱۵ روز آگهی می‌شود در صورتی که اشخاص نسبت به صدور سند مالکیت متقاضی اعتراضی داشته باشند می‌توانند از تاریخ انتشار اولین آگهی به مدت دو ماه اعتراض خود را به این اداره تسلیم و پس از اخذ رسید، ظرف مدت یک ماه از تاریخ تسلیم اعتراض، دادخواست خود را به مرجع قضایی تقدیم نمایند. بدیهی است در صورت انقضاء مدت مذکور و عدم وصول اعتراض طبق مقررات سند مالکیت صادر خواهد شد.
۶۴۴ / م الف
تاریخ انتشار نوبت اول: ۱۳۹۳/۵/۱
تاریخ انتشار نوبت دوم: ۱۳۹۳/۵/۱۶
داوود انصاری – رییس ثبت اسناد و املاک شهرستان کازرون
۳/۷۰۷
آگهی موضوع ماده ۳ قانون و ماده ۱۳ آیین نامه قانون تعیین تکلیف
وضعیت ثبتی و اراضی و ساختمانهای فاقد سند رسمی
برابر رای شماره ۱۳۹۳۶۰۳۱۱۰۰۰ مورخ ۱۳۹۳/۳/۲۶ هیات اول موضوع قانون تعیین تکلیف وضعیت ثبتی اراضی و ساختمانهای فاقد سند رسمی مستقر در واحد ثبتی حوزه ثبت ملک کازرون تصرفات مالکانه و بلامعارض متقاضی ... فرزند ... به شماره شناسنامه ... صادره از کازرون در ششدانگ یک باب خانه به مساحت ... مترمربع پلاک ... فرعی از ۶۰ اصلی مفروز و مجزی شده از پلاک ... فرعی از ۶۰ اصلی قطعه ۴ واقع در کازرون خریداری از مالک رسمی محرز گردیده است. لذا به منظور اطلاع عموم مراتب در دو نوبت به فاصله ۱۵ روز آگهی می‌شود در صورتی که اشخاص نسبت به صدور سند مالکیت متقاضی اعتراضی داشته باشند می‌توانند از تاریخ انتشار اولین آگهی به مدت دو ماه اعتراض خود را به این اداره تسلیم و پس از اخذ رسید، ظرف مدت یک ماه از تاریخ تسلیم اعتراض، دادخواست خود را به مرجع قضایی تقدیم نمایند. بدیهی است در صورت انقضاء مدت مذکور و عدم وصول اعتراض طبق مقررات سند مالکیت صادر خواهد شد.
داوود انصاری – رییس ثبت اسناد و املاک شهرستان کازرون
۳/۷۰۷
روزنامه طلوع آگهی و مشترک می‌پذیرد
۰۷۱۱ – ۲۳۴۴۷۷۲
۰۷۲۱ – ۲۲۲۹۴۶۶ و
